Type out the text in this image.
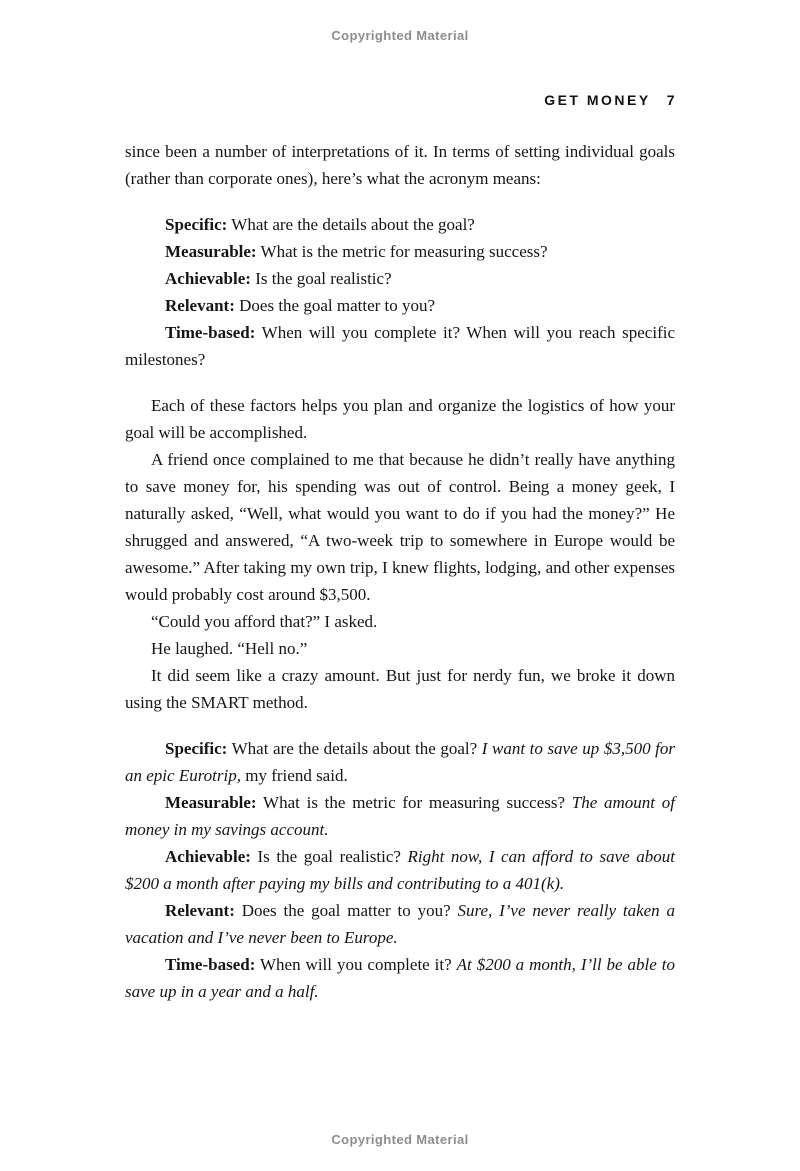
Copyrighted Material
GET MONEY 7

since been a number of interpretations of it. In terms of setting individual goals (rather than corporate ones), here’s what the acronym means:

Specific: What are the details about the goal?

Measurable: What is the metric for measuring success?

Achievable: Is the goal realistic?

Relevant: Does the goal matter to you?

Time-based: When will you complete it? When will you reach specific milestones?

Each of these factors helps you plan and organize the logistics of how your goal will be accomplished.

A friend once complained to me that because he didn’t really have anything to save money for, his spending was out of control. Being a money geek, I naturally asked, “Well, what would you want to do if you had the money?” He shrugged and answered, “A two-week trip to somewhere in Europe would be awesome.” After taking my own trip, I knew flights, lodging, and other expenses would probably cost around $3,500.

“Could you afford that?” I asked.

He laughed. “Hell no.”

It did seem like a crazy amount. But just for nerdy fun, we broke it down using the SMART method.

Specific: What are the details about the goal? I want to save up $3,500 for an epic Eurotrip, my friend said.

Measurable: What is the metric for measuring success? The amount of money in my savings account.

Achievable: Is the goal realistic? Right now, I can afford to save about $200 a month after paying my bills and contributing to a 401(k).

Relevant: Does the goal matter to you? Sure, I’ve never really taken a vacation and I’ve never been to Europe.

Time-based: When will you complete it? At $200 a month, I’ll be able to save up in a year and a half.

Copyrighted Material
